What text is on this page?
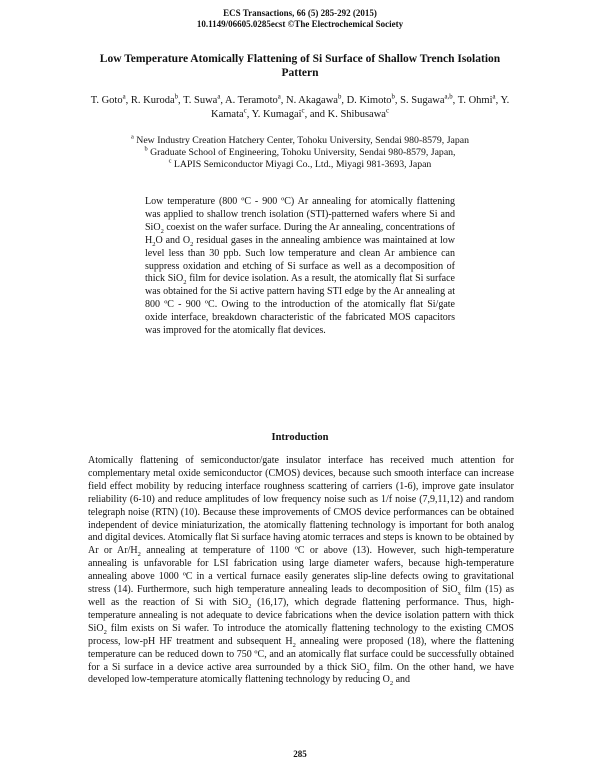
ECS Transactions, 66 (5) 285-292 (2015)
10.1149/06605.0285ecst ©The Electrochemical Society
Low Temperature Atomically Flattening of Si Surface of Shallow Trench Isolation Pattern
T. Goto$^a$, R. Kuroda$^b$, T. Suwa$^a$, A. Teramoto$^a$, N. Akagawa$^b$, D. Kimoto$^b$, S. Sugawa$^{a,b}$, T. Ohmi$^a$, Y. Kamata$^c$, Y. Kumagai$^c$, and K. Shibusawa$^c$
$^a$ New Industry Creation Hatchery Center, Tohoku University, Sendai 980-8579, Japan
$^b$ Graduate School of Engineering, Tohoku University, Sendai 980-8579, Japan,
$^c$ LAPIS Semiconductor Miyagi Co., Ltd., Miyagi 981-3693, Japan
Low temperature (800 ºC - 900 ºC) Ar annealing for atomically flattening was applied to shallow trench isolation (STI)-patterned wafers where Si and SiO$_2$ coexist on the wafer surface. During the Ar annealing, concentrations of $H_2O$ and $O_2$ residual gases in the annealing ambience was maintained at low level less than 30 ppb. Such low temperature and clean Ar ambience can suppress oxidation and etching of Si surface as well as a decomposition of thick SiO$_2$ film for device isolation. As a result, the atomically flat Si surface was obtained for the Si active pattern having STI edge by the Ar annealing at 800 ºC - 900 ºC. Owing to the introduction of the atomically flat Si/gate oxide interface, breakdown characteristic of the fabricated MOS capacitors was improved for the atomically flat devices.
Introduction
Atomically flattening of semiconductor/gate insulator interface has received much attention for complementary metal oxide semiconductor (CMOS) devices, because such smooth interface can increase field effect mobility by reducing interface roughness scattering of carriers (1-6), improve gate insulator reliability (6-10) and reduce amplitudes of low frequency noise such as 1/f noise (7,9,11,12) and random telegraph noise (RTN) (10). Because these improvements of CMOS device performances can be obtained independent of device miniaturization, the atomically flattening technology is important for both analog and digital devices. Atomically flat Si surface having atomic terraces and steps is known to be obtained by Ar or $Ar/H_2$ annealing at temperature of 1100 ºC or above (13). However, such high-temperature annealing is unfavorable for LSI fabrication using large diameter wafers, because high-temperature annealing above 1000 ºC in a vertical furnace easily generates slip-line defects owing to gravitational stress (14). Furthermore, such high temperature annealing leads to decomposition of SiO$_x$ film (15) as well as the reaction of Si with SiO$_2$ (16,17), which degrade flattening performance. Thus, high-temperature annealing is not adequate to device fabrications when the device isolation pattern with thick SiO$_2$ film exists on Si wafer. To introduce the atomically flattening technology to the existing CMOS process, low-pH HF treatment and subsequent $H_2$ annealing were proposed (18), where the flattening temperature can be reduced down to 750 ºC, and an atomically flat surface could be successfully obtained for a Si surface in a device active area surrounded by a thick SiO$_2$ film. On the other hand, we have developed low-temperature atomically flattening technology by reducing $O_2$ and
285
